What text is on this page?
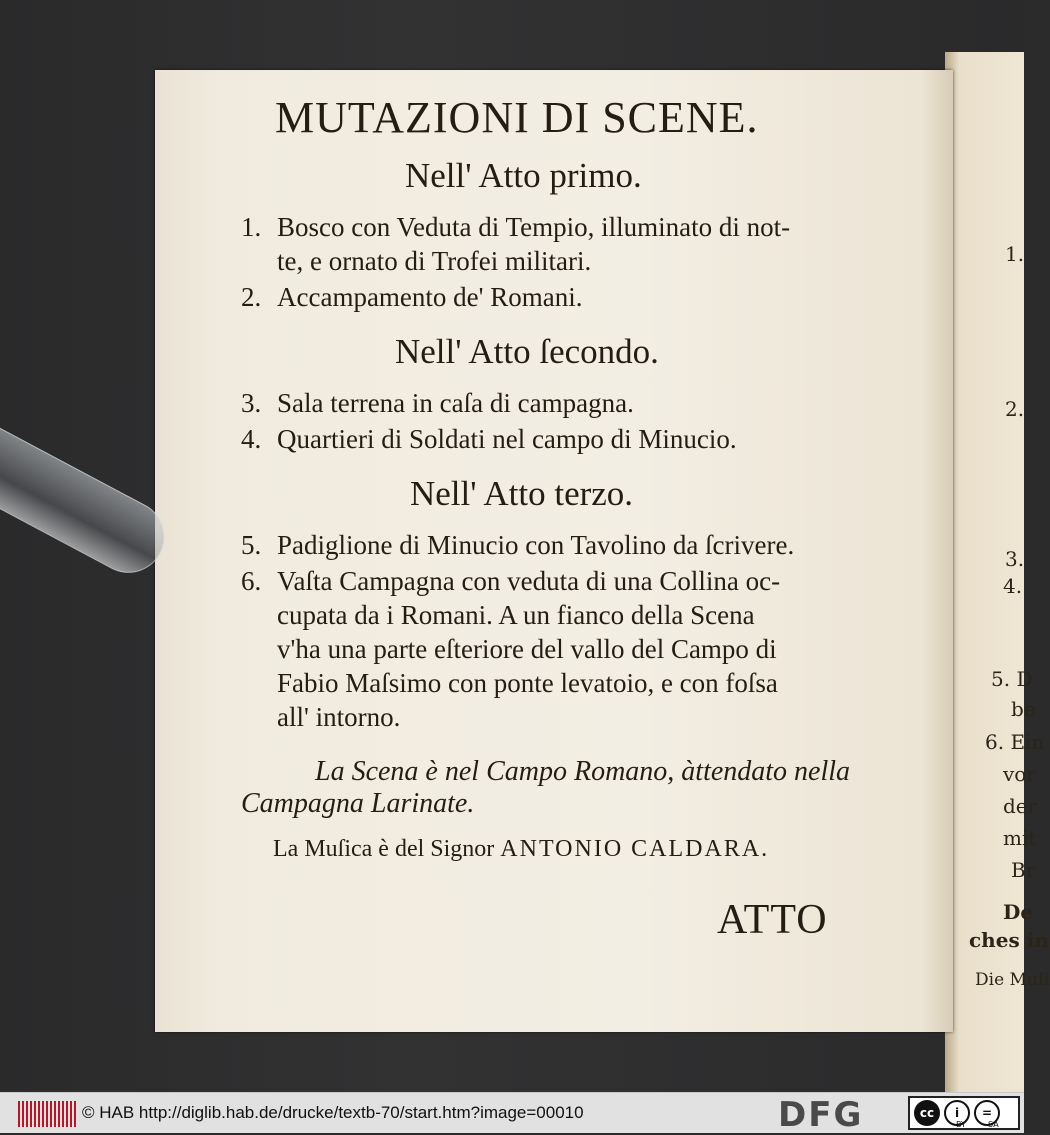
1.
2.
3.
4.
5. D
be
6. Ein
vor
der
mit
Br
De
ches in
Die Muſi
MUTAZIONI DI SCENE.
Nell' Atto primo.
1. Bosco con Veduta di Tempio, illuminato di not-
te, e ornato di Trofei militari.
2. Accampamento de' Romani.
Nell' Atto ſecondo.
3. Sala terrena in caſa di campagna.
4. Quartieri di Soldati nel campo di Minucio.
Nell' Atto terzo.
5. Padiglione di Minucio con Tavolino da ſcrivere.
6. Vaſta Campagna con veduta di una Collina oc-
cupata da i Romani. A un fianco della Scena
v'ha una parte eſteriore del vallo del Campo di
Fabio Maſsimo con ponte levatoio, e con foſsa
all' intorno.
La Scena è nel Campo Romano, àttendato nella
Campagna Larinate.
La Muſica è del Signor ANTONIO CALDARA.
ATTO
© HAB http://diglib.hab.de/drucke/textb-70/start.htm?image=00010	DFG	cc	i	=
BY	SA
